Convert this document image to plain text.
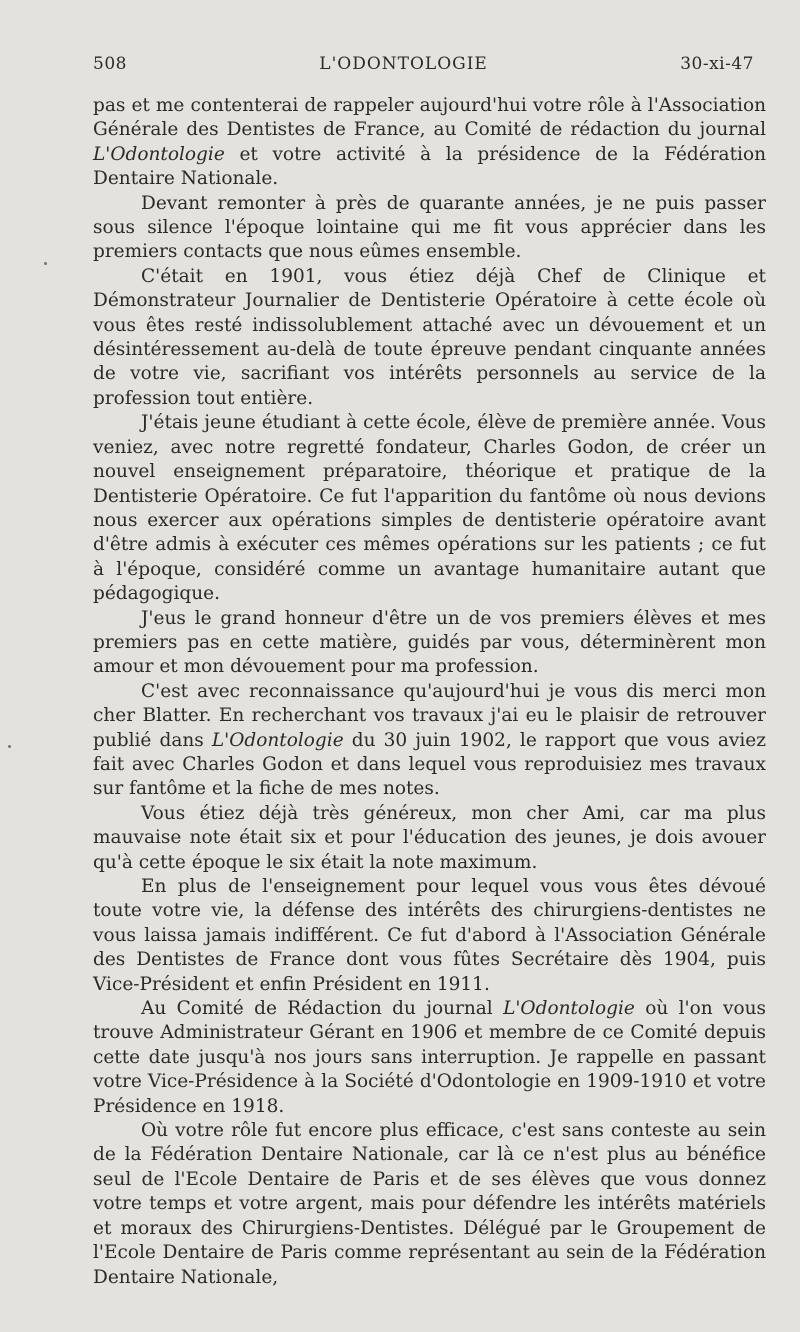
508	L'ODONTOLOGIE	30-xi-47

pas et me contenterai de rappeler aujourd'hui votre rôle à l'Association Générale des Dentistes de France, au Comité de rédaction du journal L'Odontologie et votre activité à la présidence de la Fédération Dentaire Nationale.

Devant remonter à près de quarante années, je ne puis passer sous silence l'époque lointaine qui me fit vous apprécier dans les premiers contacts que nous eûmes ensemble.

C'était en 1901, vous étiez déjà Chef de Clinique et Démonstrateur Journalier de Dentisterie Opératoire à cette école où vous êtes resté indissolublement attaché avec un dévouement et un désintéressement au-delà de toute épreuve pendant cinquante années de votre vie, sacrifiant vos intérêts personnels au service de la profession tout entière.

J'étais jeune étudiant à cette école, élève de première année. Vous veniez, avec notre regretté fondateur, Charles Godon, de créer un nouvel enseignement préparatoire, théorique et pratique de la Dentisterie Opératoire. Ce fut l'apparition du fantôme où nous devions nous exercer aux opérations simples de dentisterie opératoire avant d'être admis à exécuter ces mêmes opérations sur les patients ; ce fut à l'époque, considéré comme un avantage humanitaire autant que pédagogique.

J'eus le grand honneur d'être un de vos premiers élèves et mes premiers pas en cette matière, guidés par vous, déterminèrent mon amour et mon dévouement pour ma profession.

C'est avec reconnaissance qu'aujourd'hui je vous dis merci mon cher Blatter. En recherchant vos travaux j'ai eu le plaisir de retrouver publié dans L'Odontologie du 30 juin 1902, le rapport que vous aviez fait avec Charles Godon et dans lequel vous reproduisiez mes travaux sur fantôme et la fiche de mes notes.

Vous étiez déjà très généreux, mon cher Ami, car ma plus mauvaise note était six et pour l'éducation des jeunes, je dois avouer qu'à cette époque le six était la note maximum.

En plus de l'enseignement pour lequel vous vous êtes dévoué toute votre vie, la défense des intérêts des chirurgiens-dentistes ne vous laissa jamais indifférent. Ce fut d'abord à l'Association Générale des Dentistes de France dont vous fûtes Secrétaire dès 1904, puis Vice-Président et enfin Président en 1911.

Au Comité de Rédaction du journal L'Odontologie où l'on vous trouve Administrateur Gérant en 1906 et membre de ce Comité depuis cette date jusqu'à nos jours sans interruption. Je rappelle en passant votre Vice-Présidence à la Société d'Odontologie en 1909-1910 et votre Présidence en 1918.

Où votre rôle fut encore plus efficace, c'est sans conteste au sein de la Fédération Dentaire Nationale, car là ce n'est plus au bénéfice seul de l'Ecole Dentaire de Paris et de ses élèves que vous donnez votre temps et votre argent, mais pour défendre les intérêts matériels et moraux des Chirurgiens-Dentistes. Délégué par le Groupement de l'Ecole Dentaire de Paris comme représentant au sein de la Fédération Dentaire Nationale,
